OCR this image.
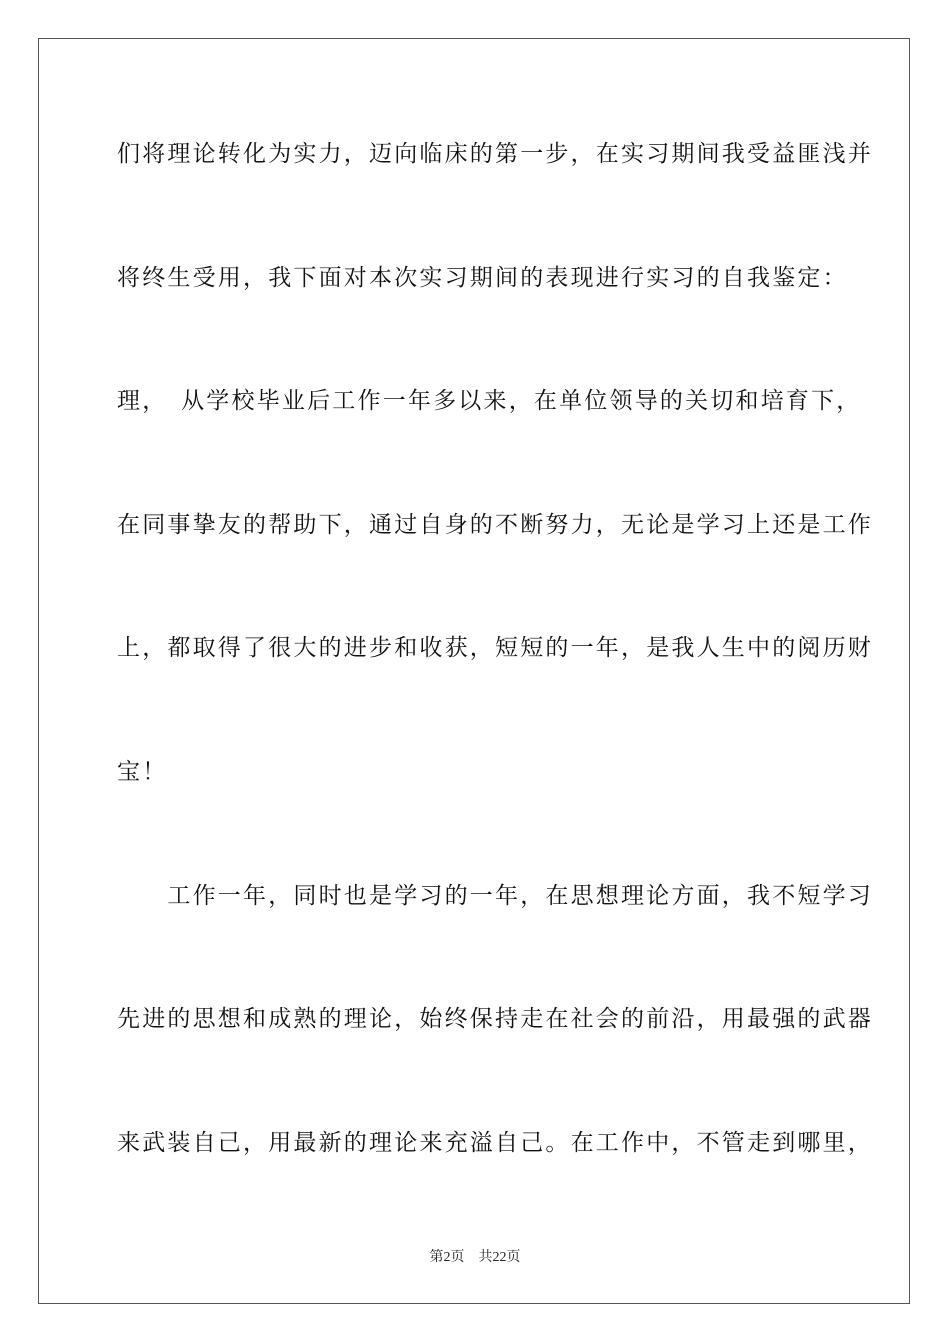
们将理论转化为实力，迈向临床的第一步，在实习期间我受益匪浅并
将终生受用，我下面对本次实习期间的表现进行实习的自我鉴定：
理，　从学校毕业后工作一年多以来，在单位领导的关切和培育下，
在同事挚友的帮助下，通过自身的不断努力，无论是学习上还是工作
上，都取得了很大的进步和收获，短短的一年，是我人生中的阅历财
宝！
　　工作一年，同时也是学习的一年，在思想理论方面，我不短学习
先进的思想和成熟的理论，始终保持走在社会的前沿，用最强的武器
来武装自己，用最新的理论来充溢自己。在工作中，不管走到哪里，
第2页　共22页
